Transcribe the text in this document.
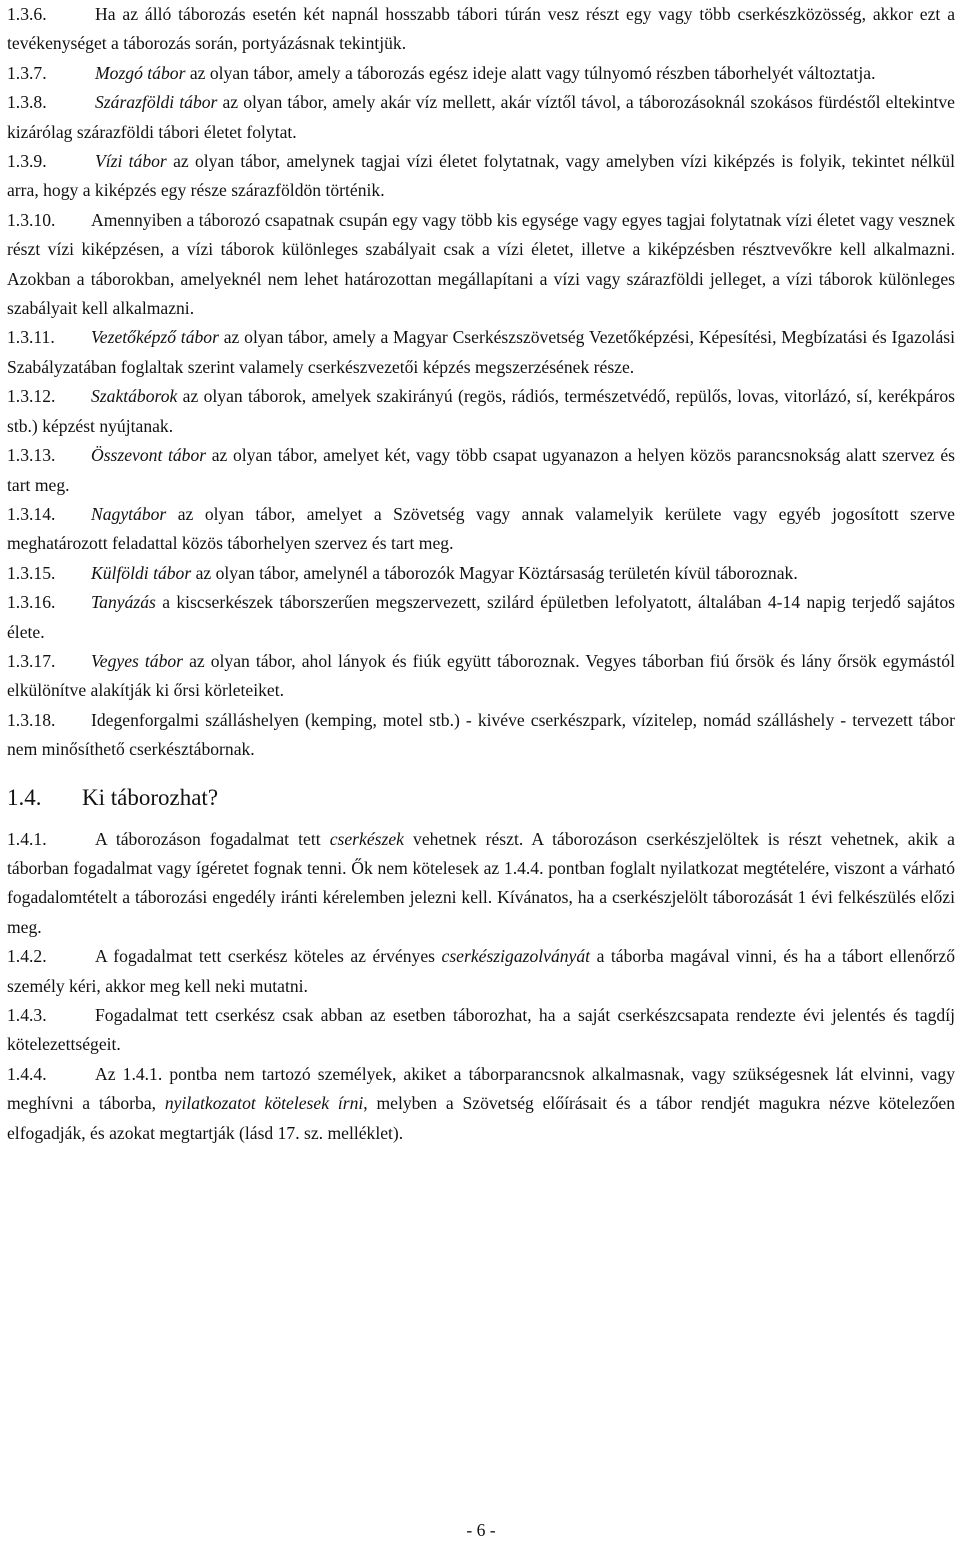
1.3.6.	Ha az álló táborozás esetén két napnál hosszabb tábori túrán vesz részt egy vagy több cserkészközösség, akkor ezt a tevékenységet a táborozás során, portyázásnak tekintjük.

1.3.7.	Mozgó tábor az olyan tábor, amely a táborozás egész ideje alatt vagy túlnyomó részben táborhelyét változtatja.

1.3.8.	Szárazföldi tábor az olyan tábor, amely akár víz mellett, akár víztől távol, a táborozásoknál szokásos fürdéstől eltekintve kizárólag szárazföldi tábori életet folytat.

1.3.9.	Vízi tábor az olyan tábor, amelynek tagjai vízi életet folytatnak, vagy amelyben vízi kiképzés is folyik, tekintet nélkül arra, hogy a kiképzés egy része szárazföldön történik.

1.3.10. Amennyiben a táborozó csapatnak csupán egy vagy több kis egysége vagy egyes tagjai folytatnak vízi életet vagy vesznek részt vízi kiképzésen, a vízi táborok különleges szabályait csak a vízi életet, illetve a kiképzésben résztvevőkre kell alkalmazni. Azokban a táborokban, amelyeknél nem lehet határozottan megállapítani a vízi vagy szárazföldi jelleget, a vízi táborok különleges szabályait kell alkalmazni.

1.3.11. Vezetőképző tábor az olyan tábor, amely a Magyar Cserkészszövetség Vezetőképzési, Képesítési, Megbízatási és Igazolási Szabályzatában foglaltak szerint valamely cserkészvezetői képzés megszerzésének része.

1.3.12. Szaktáborok az olyan táborok, amelyek szakirányú (regös, rádiós, természetvédő, repülős, lovas, vitorlázó, sí, kerékpáros stb.) képzést nyújtanak.

1.3.13. Összevont tábor az olyan tábor, amelyet két, vagy több csapat ugyanazon a helyen közös parancsnokság alatt szervez és tart meg.

1.3.14. Nagytábor az olyan tábor, amelyet a Szövetség vagy annak valamelyik kerülete vagy egyéb jogosított szerve meghatározott feladattal közös táborhelyen szervez és tart meg.

1.3.15. Külföldi tábor az olyan tábor, amelynél a táborozók Magyar Köztársaság területén kívül táboroznak.

1.3.16. Tanyázás a kiscserkészek táborszerűen megszervezett, szilárd épületben lefolyatott, általában 4-14 napig terjedő sajátos élete.

1.3.17. Vegyes tábor az olyan tábor, ahol lányok és fiúk együtt táboroznak. Vegyes táborban fiú őrsök és lány őrsök egymástól elkülönítve alakítják ki őrsi körleteiket.

1.3.18. Idegenforgalmi szálláshelyen (kemping, motel stb.) - kivéve cserkészpark, vízitelep, nomád szálláshely - tervezett tábor nem minősíthető cserkésztábornak.

1.4. Ki táborozhat?

1.4.1.	A táborozáson fogadalmat tett cserkészek vehetnek részt. A táborozáson cserkészjelöltek is részt vehetnek, akik a táborban fogadalmat vagy ígéretet fognak tenni. Ők nem kötelesek az 1.4.4. pontban foglalt nyilatkozat megtételére, viszont a várható fogadalomtételt a táborozási engedély iránti kérelemben jelezni kell. Kívánatos, ha a cserkészjelölt táborozását 1 évi felkészülés előzi meg.

1.4.2.	A fogadalmat tett cserkész köteles az érvényes cserkészigazolványát a táborba magával vinni, és ha a tábort ellenőrző személy kéri, akkor meg kell neki mutatni.

1.4.3.	Fogadalmat tett cserkész csak abban az esetben táborozhat, ha a saját cserkészcsapata rendezte évi jelentés és tagdíj kötelezettségeit.

1.4.4.	Az 1.4.1. pontba nem tartozó személyek, akiket a táborparancsnok alkalmasnak, vagy szükségesnek lát elvinni, vagy meghívni a táborba, nyilatkozatot kötelesek írni, melyben a Szövetség előírásait és a tábor rendjét magukra nézve kötelezően elfogadják, és azokat megtartják (lásd 17. sz. melléklet).

- 6 -
